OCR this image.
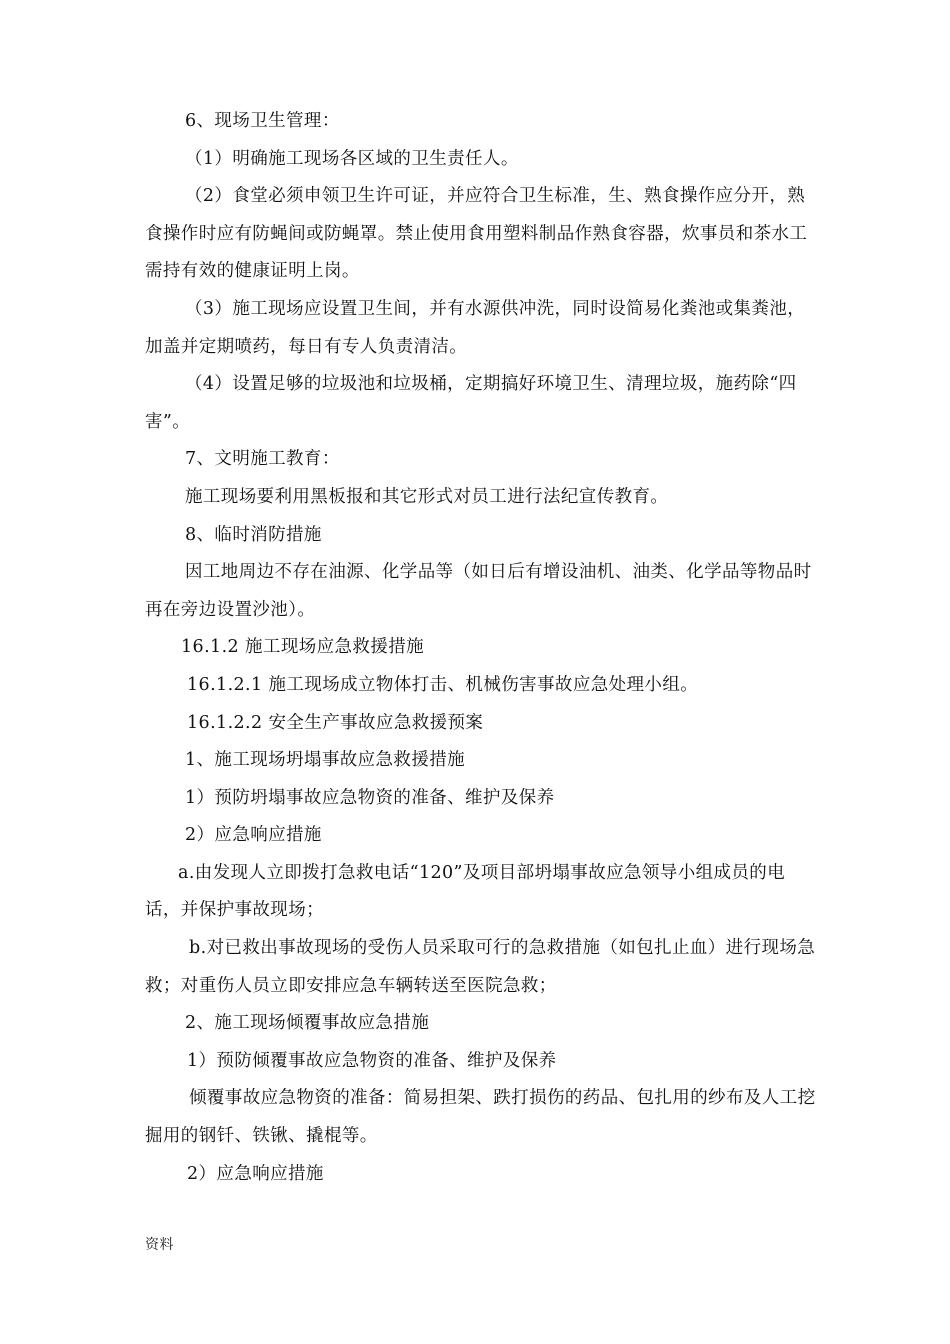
6、现场卫生管理：

（1）明确施工现场各区域的卫生责任人。

（2）食堂必须申领卫生许可证，并应符合卫生标准，生、熟食操作应分开，熟食操作时应有防蝇间或防蝇罩。禁止使用食用塑料制品作熟食容器，炊事员和茶水工需持有效的健康证明上岗。

（3）施工现场应设置卫生间，并有水源供冲洗，同时设简易化粪池或集粪池，加盖并定期喷药，每日有专人负责清洁。

（4）设置足够的垃圾池和垃圾桶，定期搞好环境卫生、清理垃圾，施药除“四害”。

7、文明施工教育：

施工现场要利用黑板报和其它形式对员工进行法纪宣传教育。

8、临时消防措施

因工地周边不存在油源、化学品等（如日后有增设油机、油类、化学品等物品时再在旁边设置沙池）。

16.1.2 施工现场应急救援措施

16.1.2.1 施工现场成立物体打击、机械伤害事故应急处理小组。

16.1.2.2 安全生产事故应急救援预案

1、施工现场坍塌事故应急救援措施

1）预防坍塌事故应急物资的准备、维护及保养

2）应急响应措施

a.由发现人立即拨打急救电话“120”及项目部坍塌事故应急领导小组成员的电话，并保护事故现场；

b.对已救出事故现场的受伤人员采取可行的急救措施（如包扎止血）进行现场急救；对重伤人员立即安排应急车辆转送至医院急救；

2、施工现场倾覆事故应急措施

1）预防倾覆事故应急物资的准备、维护及保养

倾覆事故应急物资的准备：简易担架、跌打损伤的药品、包扎用的纱布及人工挖掘用的钢钎、铁锹、撬棍等。

2）应急响应措施

资料
